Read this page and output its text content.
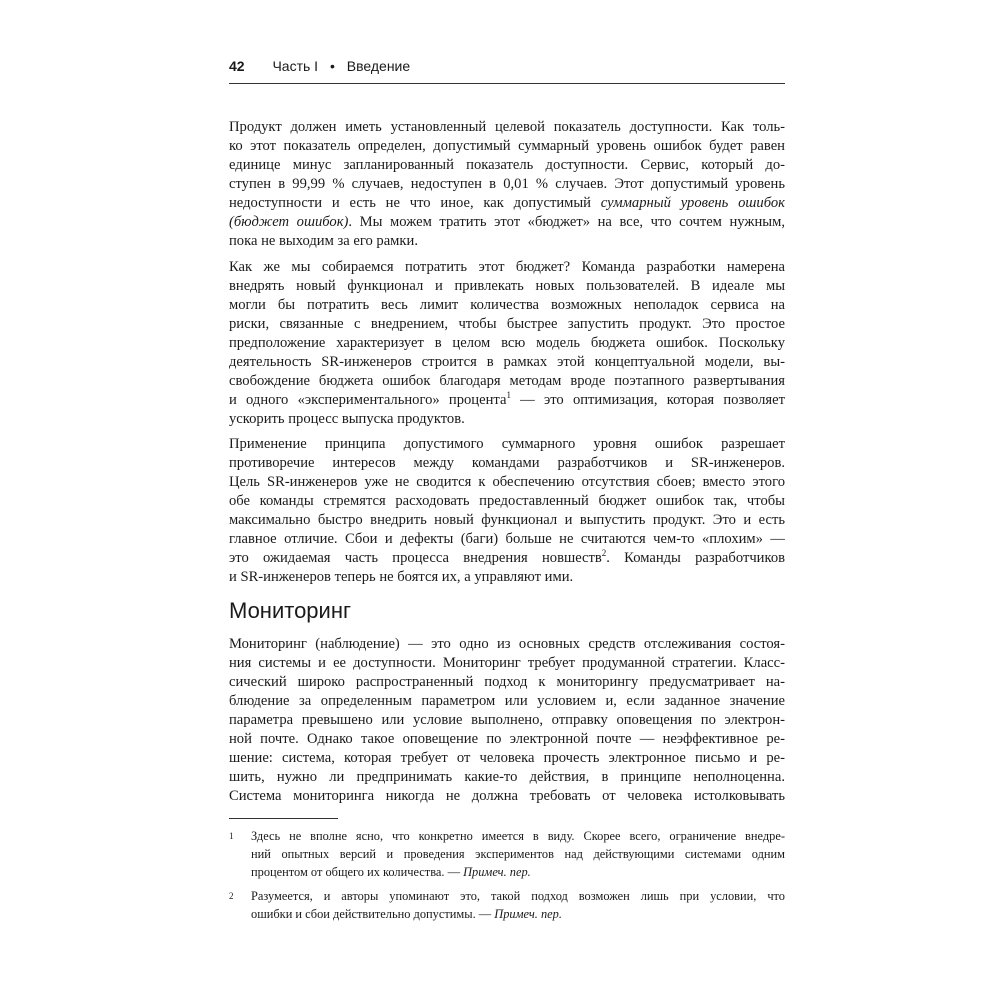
42 Часть I • Введение

Продукт должен иметь установленный целевой показатель доступности. Как толь-
ко этот показатель определен, допустимый суммарный уровень ошибок будет равен
единице минус запланированный показатель доступности. Сервис, который до-
ступен в 99,99 % случаев, недоступен в 0,01 % случаев. Этот допустимый уровень
недоступности и есть не что иное, как допустимый суммарный уровень ошибок
(бюджет ошибок). Мы можем тратить этот «бюджет» на все, что сочтем нужным,
пока не выходим за его рамки.

Как же мы собираемся потратить этот бюджет? Команда разработки намерена
внедрять новый функционал и привлекать новых пользователей. В идеале мы
могли бы потратить весь лимит количества возможных неполадок сервиса на
риски, связанные с внедрением, чтобы быстрее запустить продукт. Это простое
предположение характеризует в целом всю модель бюджета ошибок. Поскольку
деятельность SR-инженеров строится в рамках этой концептуальной модели, вы-
свобождение бюджета ошибок благодаря методам вроде поэтапного развертывания
и одного «экспериментального» процента$^1$ — это оптимизация, которая позволяет
ускорить процесс выпуска продуктов.

Применение принципа допустимого суммарного уровня ошибок разрешает
противоречие интересов между командами разработчиков и SR-инженеров.
Цель SR-инженеров уже не сводится к обеспечению отсутствия сбоев; вместо этого
обе команды стремятся расходовать предоставленный бюджет ошибок так, чтобы
максимально быстро внедрить новый функционал и выпустить продукт. Это и есть
главное отличие. Сбои и дефекты (баги) больше не считаются чем-то «плохим» —
это ожидаемая часть процесса внедрения новшеств$^2$. Команды разработчиков
и SR-инженеров теперь не боятся их, а управляют ими.

Мониторинг

Мониторинг (наблюдение) — это одно из основных средств отслеживания состоя-
ния системы и ее доступности. Мониторинг требует продуманной стратегии. Класс-
сический широко распространенный подход к мониторингу предусматривает на-
блюдение за определенным параметром или условием и, если заданное значение
параметра превышено или условие выполнено, отправку оповещения по электрон-
ной почте. Однако такое оповещение по электронной почте — неэффективное ре-
шение: система, которая требует от человека прочесть электронное письмо и ре-
шить, нужно ли предпринимать какие-то действия, в принципе неполноценна.
Система мониторинга никогда не должна требовать от человека истолковывать

1 Здесь не вполне ясно, что конкретно имеется в виду. Скорее всего, ограничение внедре-
ний опытных версий и проведения экспериментов над действующими системами одним
процентом от общего их количества. — Примеч. пер.
2 Разумеется, и авторы упоминают это, такой подход возможен лишь при условии, что
ошибки и сбои действительно допустимы. — Примеч. пер.
